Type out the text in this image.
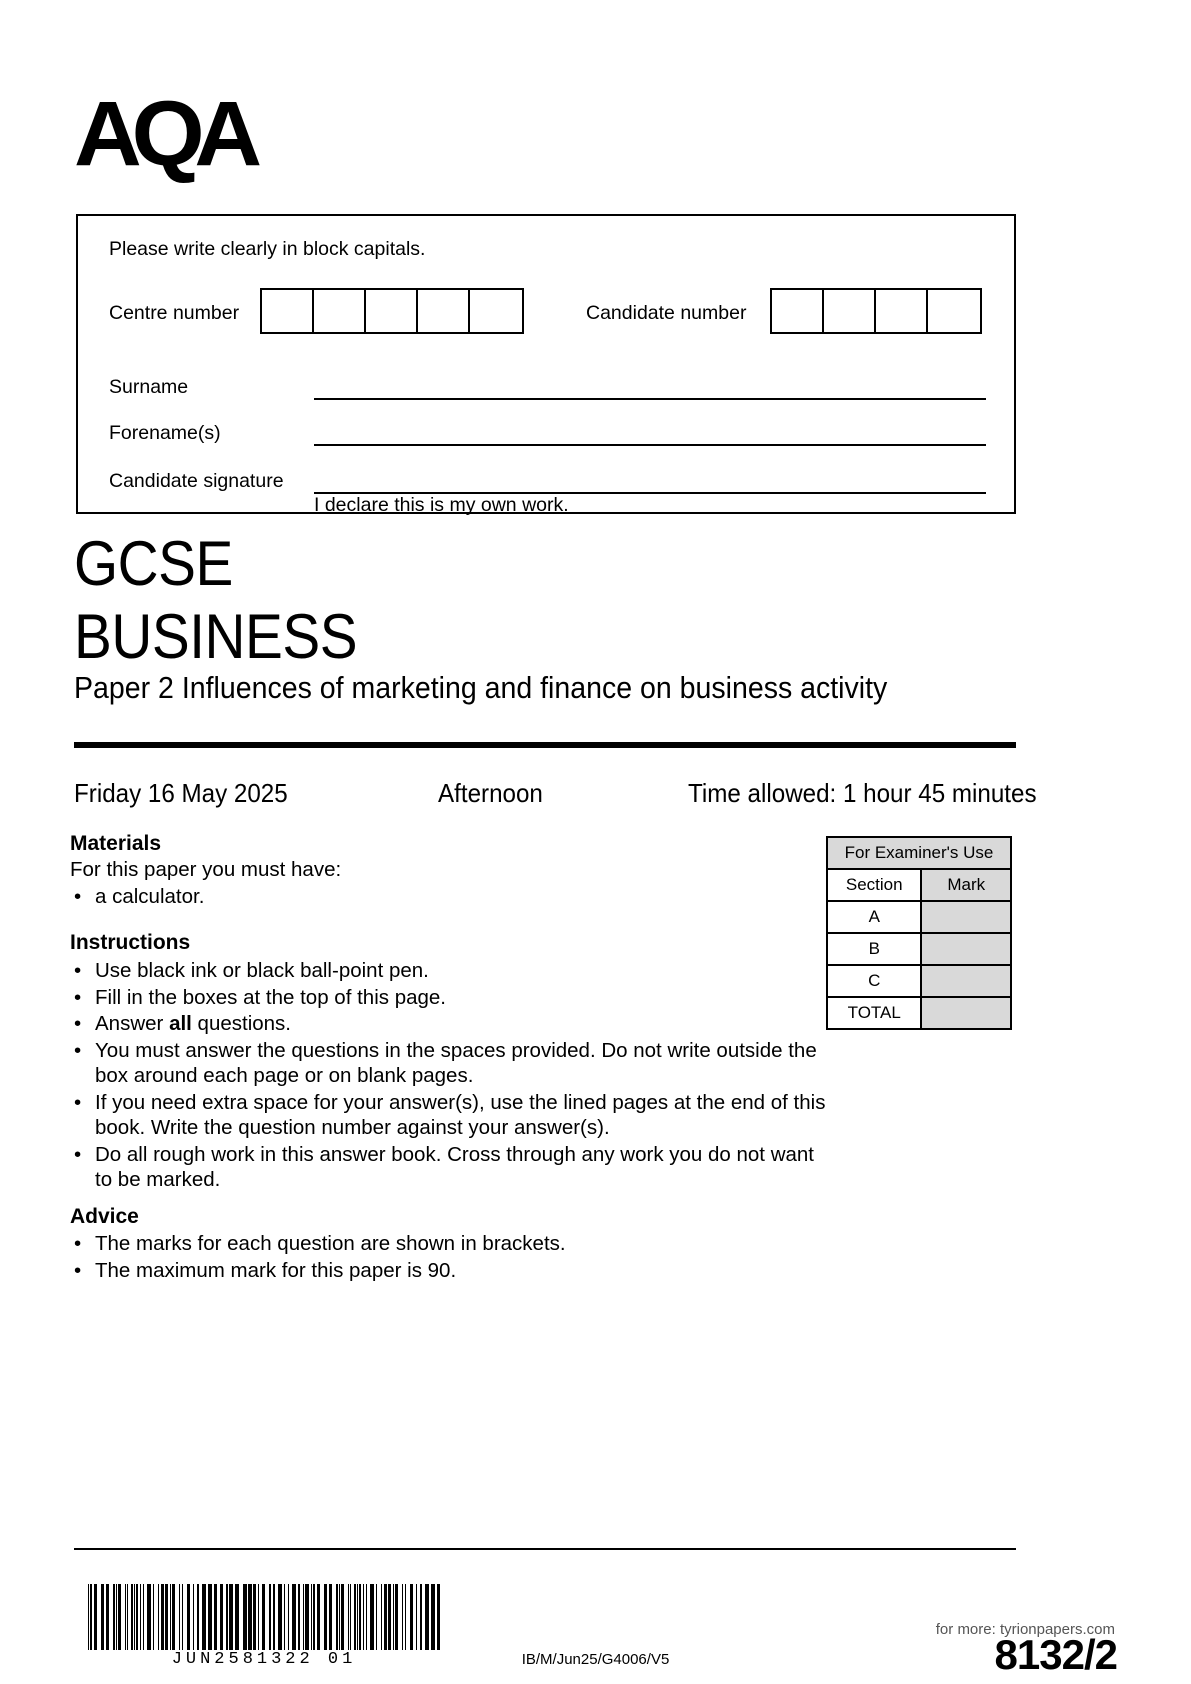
AQA
Please write clearly in block capitals.
Centre number	Candidate number
Surname
Forename(s)
Candidate signature
I declare this is my own work.
GCSE
BUSINESS
Paper 2 Influences of marketing and finance on business activity
Friday 16 May 2025	Afternoon	Time allowed: 1 hour 45 minutes
Materials
For this paper you must have:
• a calculator.
Instructions
• Use black ink or black ball-point pen.
• Fill in the boxes at the top of this page.
• Answer all questions.
• You must answer the questions in the spaces provided. Do not write outside the box around each page or on blank pages.
• If you need extra space for your answer(s), use the lined pages at the end of this book. Write the question number against your answer(s).
• Do all rough work in this answer book. Cross through any work you do not want to be marked.
Advice
• The marks for each question are shown in brackets.
• The maximum mark for this paper is 90.
For Examiner's Use	
Section	Mark
A	
B	
C	
TOTAL	
JUN2581322 01	IB/M/Jun25/G4006/V5
for more: tyrionpapers.com
8132/2
